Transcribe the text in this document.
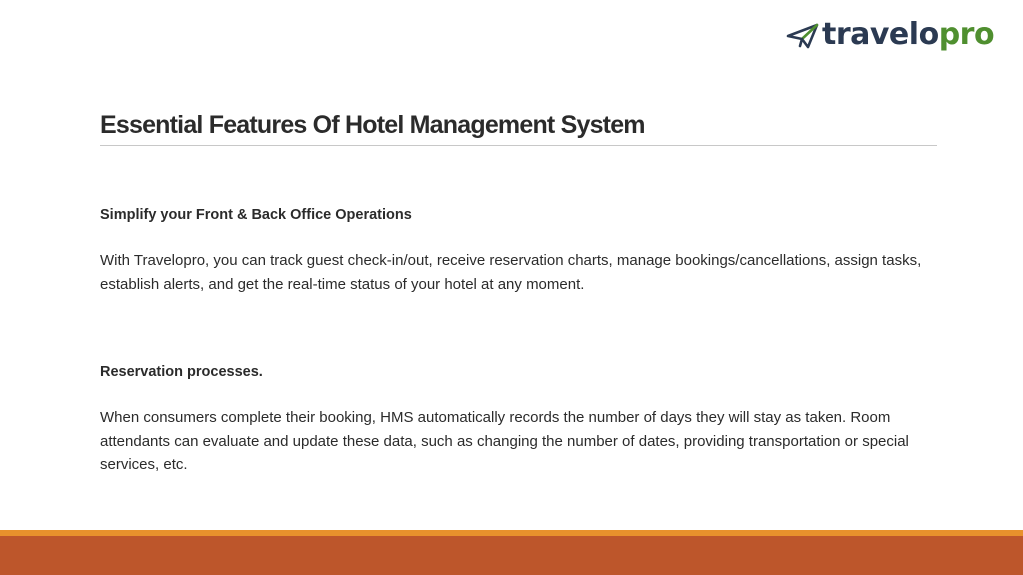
travelopro
Essential Features Of Hotel Management System

Simplify your Front & Back Office Operations

With Travelopro, you can track guest check-in/out, receive reservation charts, manage bookings/cancellations, assign tasks, establish alerts, and get the real-time status of your hotel at any moment.

Reservation processes.

When consumers complete their booking, HMS automatically records the number of days they will stay as taken. Room attendants can evaluate and update these data, such as changing the number of dates, providing transportation or special services, etc.
